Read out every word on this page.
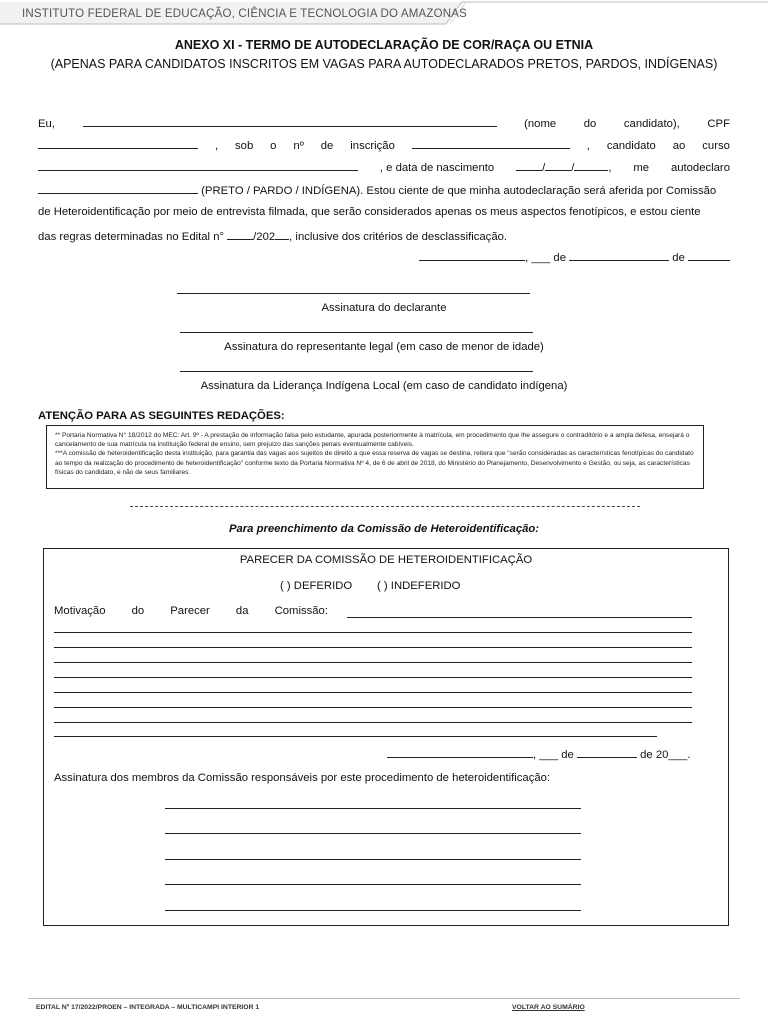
INSTITUTO FEDERAL DE EDUCAÇÃO, CIÊNCIA E TECNOLOGIA DO AMAZONAS
ANEXO XI - TERMO DE AUTODECLARAÇÃO DE COR/RAÇA OU ETNIA
(APENAS PARA CANDIDATOS INSCRITOS EM VAGAS PARA AUTODECLARADOS PRETOS, PARDOS, INDÍGENAS)
Eu,	(nome do candidato), CPF
, sob o nº de inscrição	, candidato ao curso
, e data de nascimento	/ /	, me autodeclaro
(PRETO / PARDO / INDÍGENA). Estou ciente de que minha autodeclaração será aferida por Comissão
de Heteroidentificação por meio de entrevista filmada, que serão considerados apenas os meus aspectos fenotípicos, e estou ciente
das regras determinadas no Edital n°	/202 , inclusive dos critérios de desclassificação.
, ___ de	de
Assinatura do declarante
Assinatura do representante legal (em caso de menor de idade)
Assinatura da Liderança Indígena Local (em caso de candidato indígena)
ATENÇÃO PARA AS SEGUINTES REDAÇÕES:

** Portaria Normativa N° 18/2012 do MEC: Art. 9º - A prestação de informação falsa pelo estudante, apurada posteriormente à matrícula, em procedimento que lhe assegure o contraditório e a ampla defesa, ensejará o cancelamento de sua matrícula na instituição federal de ensino, sem prejuízo das sanções penais eventualmente cabíveis.

***A comissão de heteroidentificação desta instituição, para garantia das vagas aos sujeitos de direito a que essa reserva de vagas se destina, reitera que "serão consideradas as características fenotípicas do candidato ao tempo da realização do procedimento de heteroidentificação" conforme texto da Portaria Normativa Nº 4, de 6 de abril de 2018, do Ministério do Planejamento, Desenvolvimento e Gestão, ou seja, as características físicas do candidato, e não de seus familiares.

Para preenchimento da Comissão de Heteroidentificação:
PARECER DA COMISSÃO DE HETEROIDENTIFICAÇÃO
( ) DEFERIDO ( ) INDEFERIDO
Motivação do Parecer da Comissão:
, ___ de	de 20___.
Assinatura dos membros da Comissão responsáveis por este procedimento de heteroidentificação:
EDITAL Nº 17/2022/PROEN – INTEGRADA – MULTICAMPI INTERIOR 1	VOLTAR AO SUMÁRIO
